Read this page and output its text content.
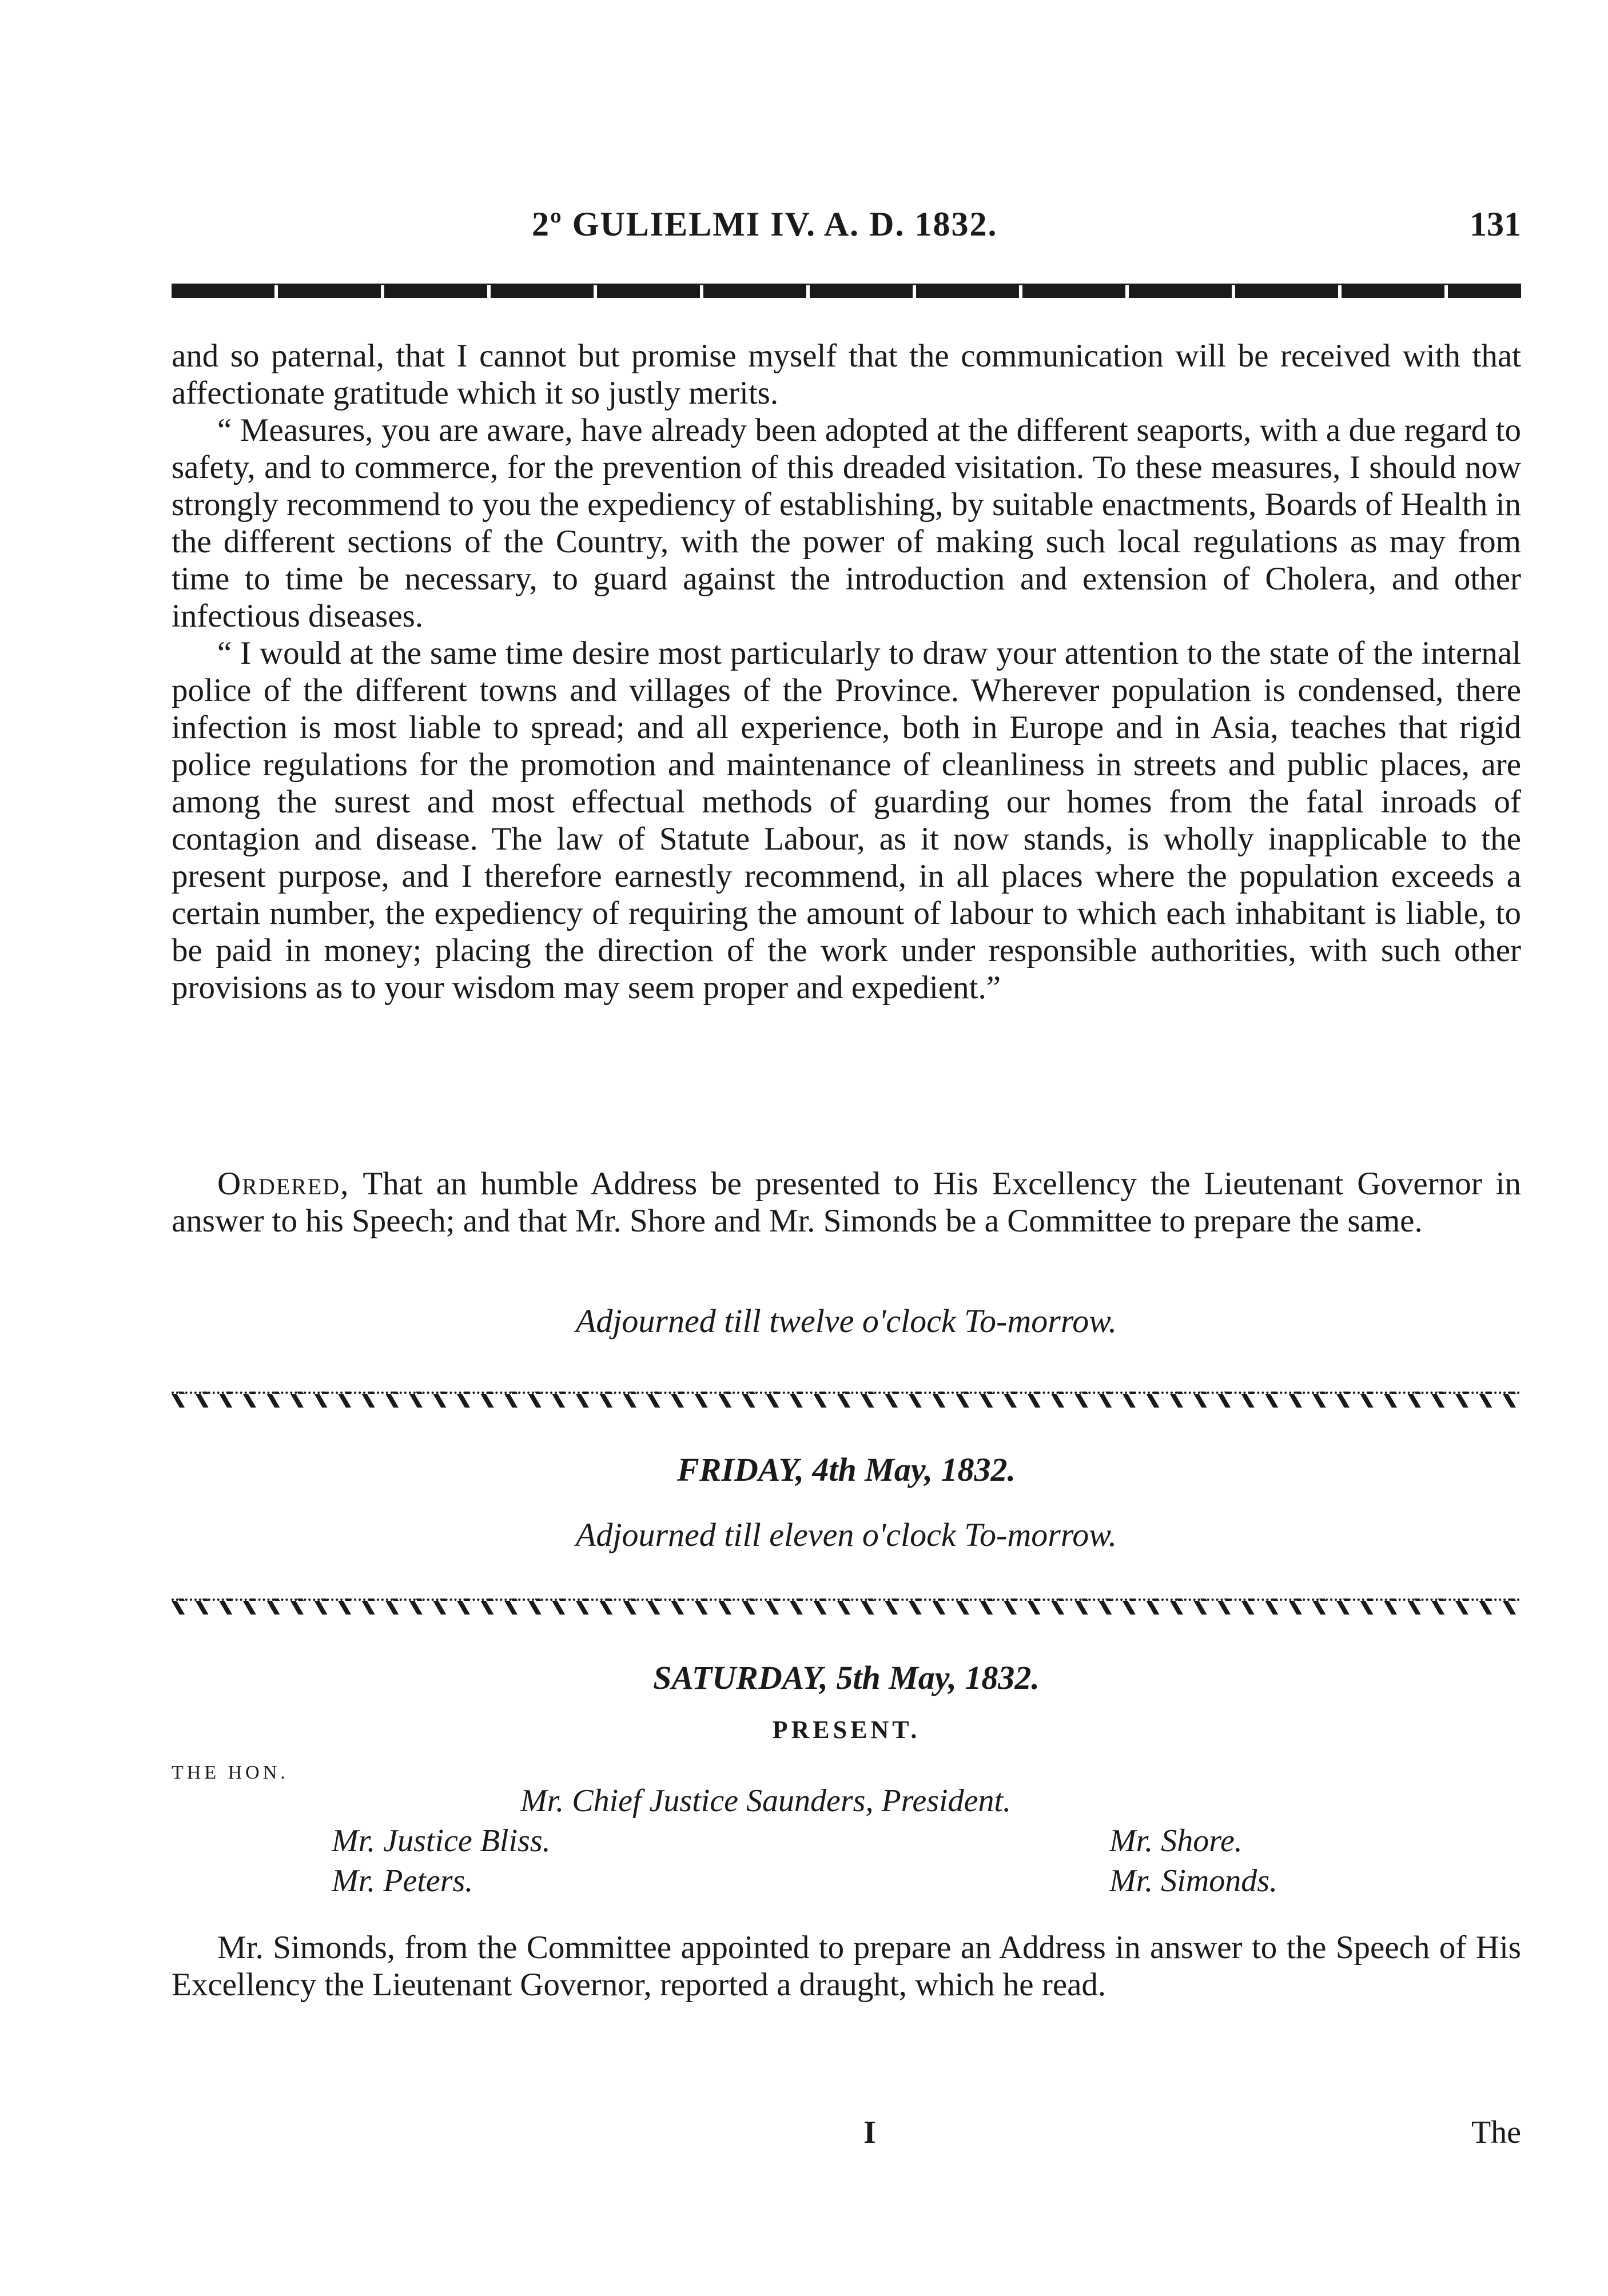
2º GULIELMI IV. A. D. 1832.	131

and so paternal, that I cannot but promise myself that the communication will be received with that affectionate gratitude which it so justly merits.

“ Measures, you are aware, have already been adopted at the different seaports, with a due regard to safety, and to commerce, for the prevention of this dreaded visitation. To these measures, I should now strongly recommend to you the expediency of establishing, by suitable enactments, Boards of Health in the different sections of the Country, with the power of making such local regulations as may from time to time be necessary, to guard against the introduction and extension of Cholera, and other infectious diseases.

“ I would at the same time desire most particularly to draw your attention to the state of the internal police of the different towns and villages of the Province. Wherever population is condensed, there infection is most liable to spread; and all experience, both in Europe and in Asia, teaches that rigid police regulations for the promotion and maintenance of cleanliness in streets and public places, are among the surest and most effectual methods of guarding our homes from the fatal inroads of contagion and disease. The law of Statute Labour, as it now stands, is wholly inapplicable to the present purpose, and I therefore earnestly recommend, in all places where the population exceeds a certain number, the expediency of requiring the amount of labour to which each inhabitant is liable, to be paid in money; placing the direction of the work under responsible authorities, with such other provisions as to your wisdom may seem proper and expedient.”

Ordered, That an humble Address be presented to His Excellency the Lieutenant Governor in answer to his Speech; and that Mr. Shore and Mr. Simonds be a Committee to prepare the same.

Adjourned till twelve o'clock To-morrow.
FRIDAY, 4th May, 1832.
Adjourned till eleven o'clock To-morrow.
SATURDAY, 5th May, 1832.
PRESENT.
THE HON.
Mr. Chief Justice Saunders, President.
Mr. Justice Bliss.	Mr. Shore.
Mr. Peters.	Mr. Simonds.

Mr. Simonds, from the Committee appointed to prepare an Address in answer to the Speech of His Excellency the Lieutenant Governor, reported a draught, which he read.

I	The
